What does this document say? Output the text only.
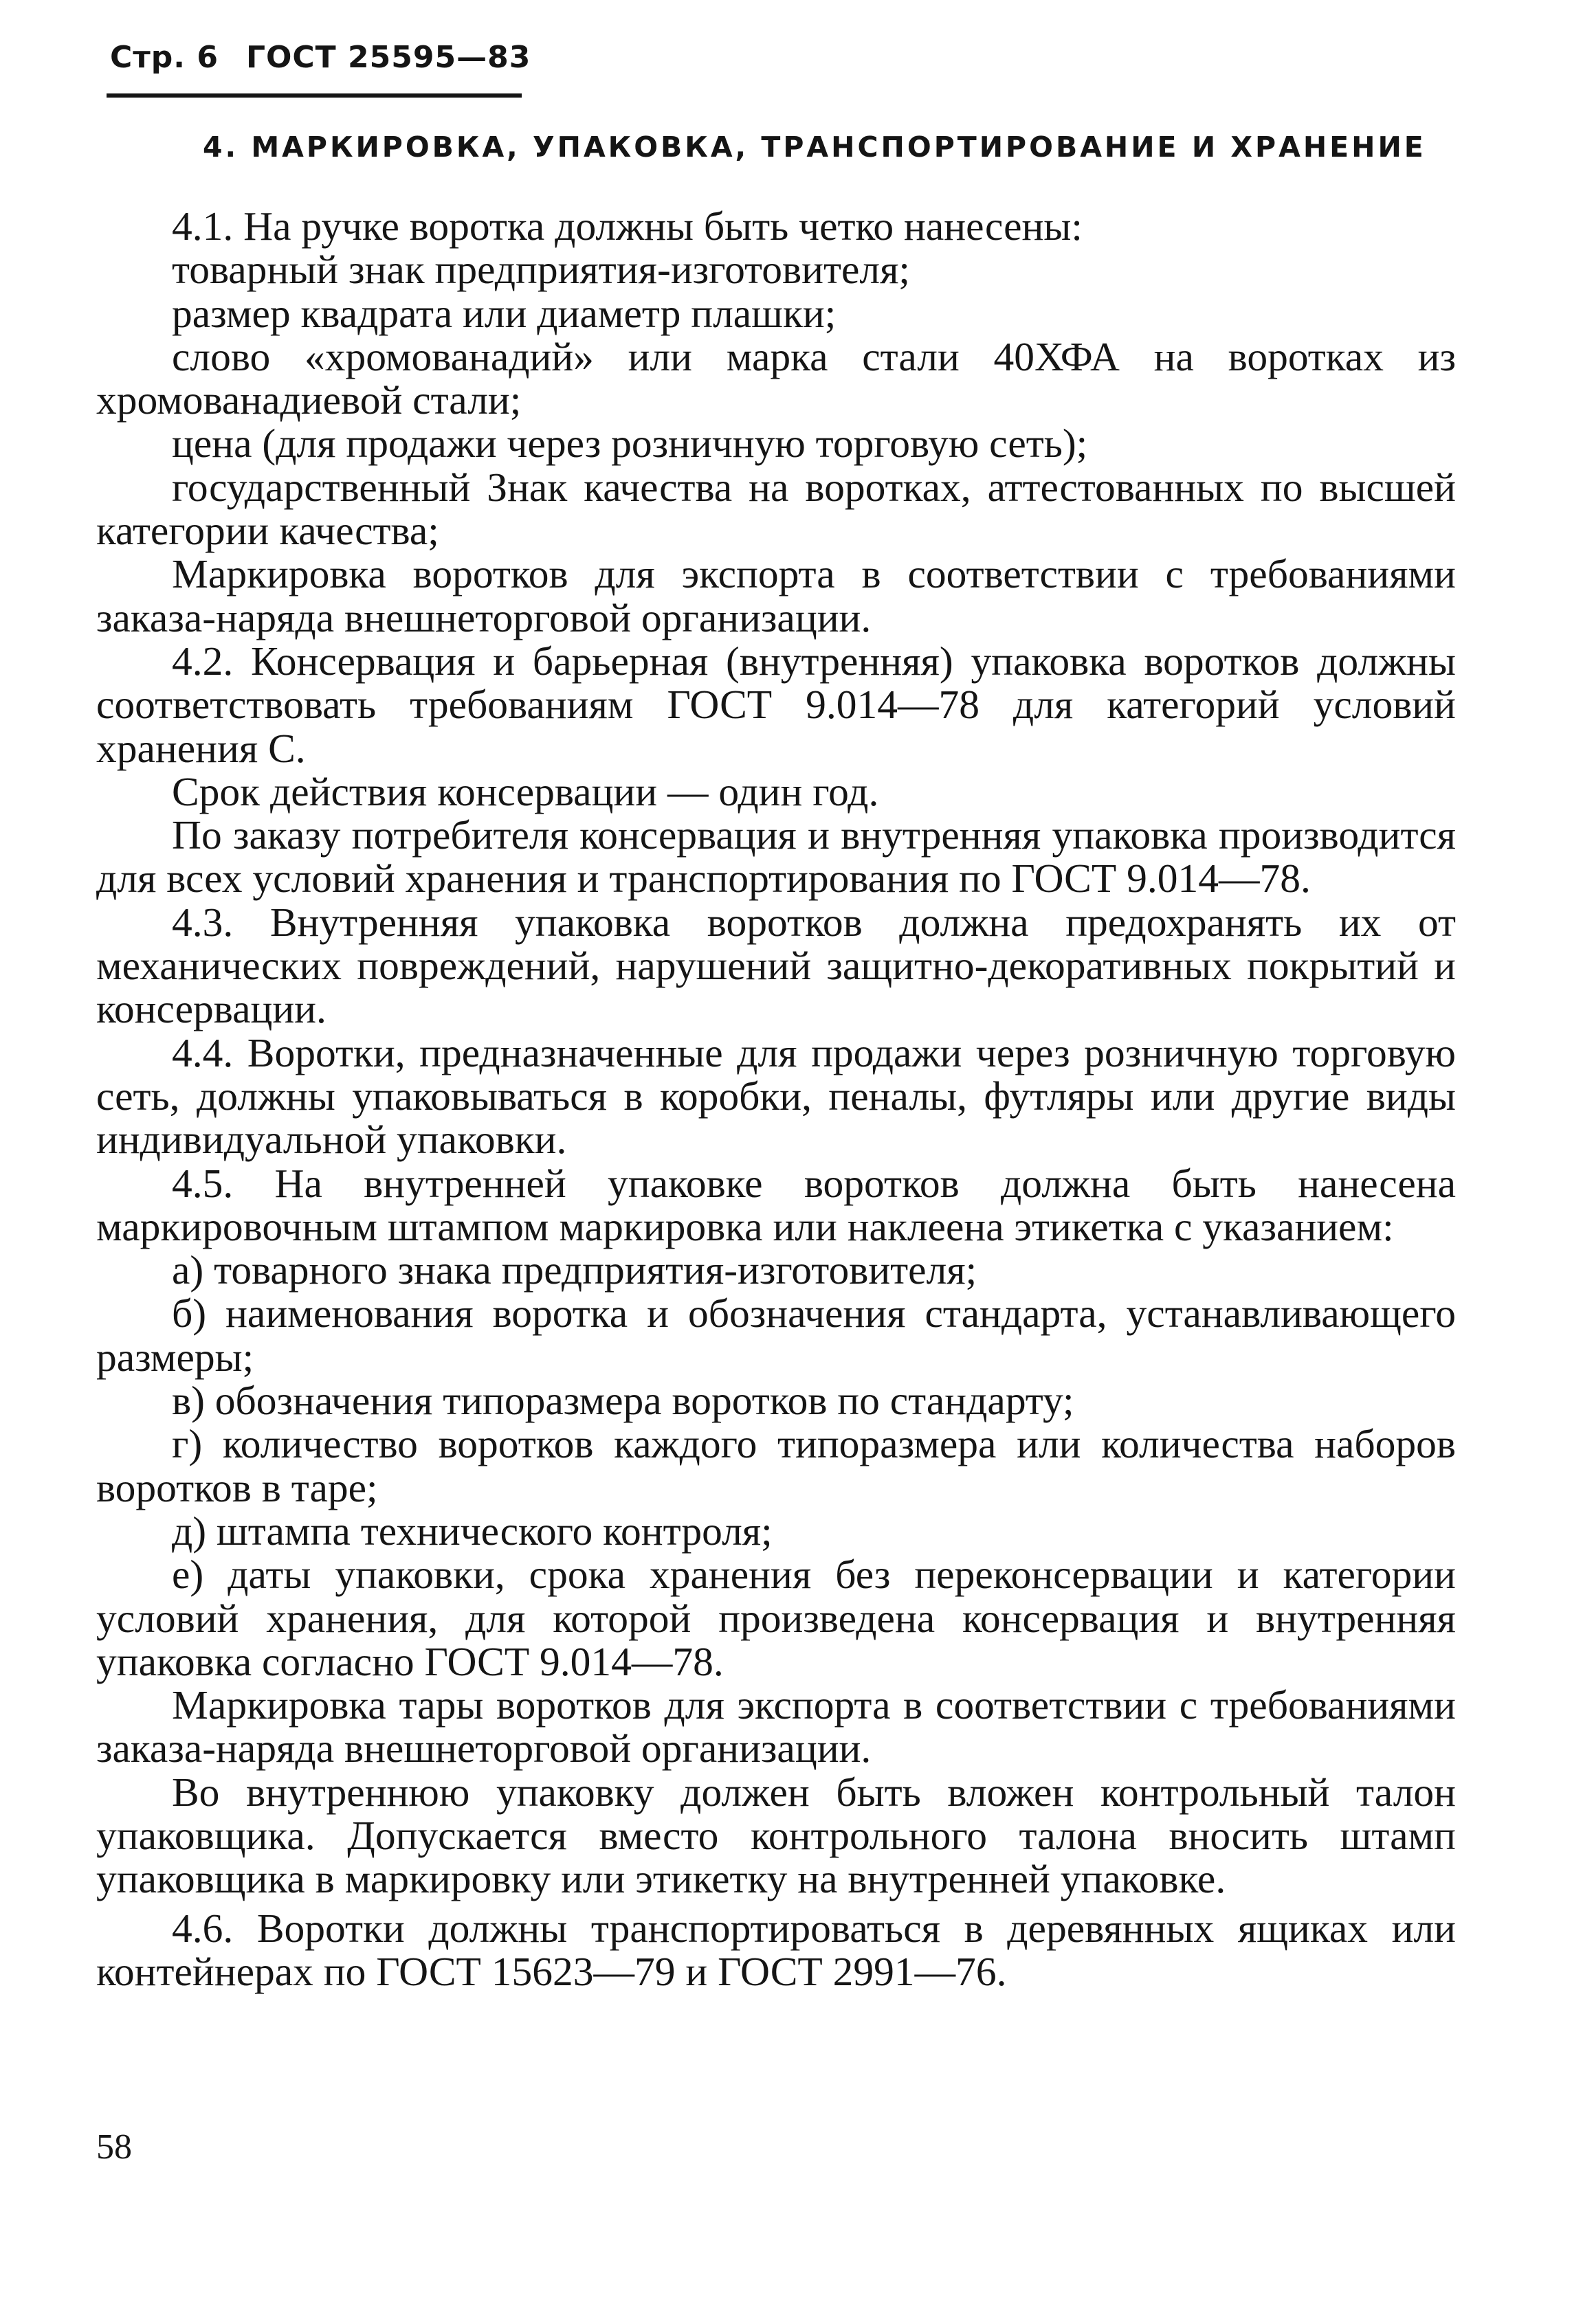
Стр. 6 ГОСТ 25595—83
4. МАРКИРОВКА, УПАКОВКА, ТРАНСПОРТИРОВАНИЕ И ХРАНЕНИЕ

4.1. На ручке воротка должны быть четко нанесены:

товарный знак предприятия-изготовителя;

размер квадрата или диаметр плашки;

слово «хромованадий» или марка стали 40ХФА на воротках из хромованадиевой стали;

цена (для продажи через розничную торговую сеть);

государственный Знак качества на воротках, аттестованных по высшей категории качества;

Маркировка воротков для экспорта в соответствии с требованиями заказа-наряда внешнеторговой организации.

4.2. Консервация и барьерная (внутренняя) упаковка воротков должны соответствовать требованиям ГОСТ 9.014—78 для категорий условий хранения С.

Срок действия консервации — один год.

По заказу потребителя консервация и внутренняя упаковка производится для всех условий хранения и транспортирования по ГОСТ 9.014—78.

4.3. Внутренняя упаковка воротков должна предохранять их от механических повреждений, нарушений защитно-декоративных покрытий и консервации.

4.4. Воротки, предназначенные для продажи через розничную торговую сеть, должны упаковываться в коробки, пеналы, футляры или другие виды индивидуальной упаковки.

4.5. На внутренней упаковке воротков должна быть нанесена маркировочным штампом маркировка или наклеена этикетка с указанием:

а) товарного знака предприятия-изготовителя;

б) наименования воротка и обозначения стандарта, устанавливающего размеры;

в) обозначения типоразмера воротков по стандарту;

г) количество воротков каждого типоразмера или количества наборов воротков в таре;

д) штампа технического контроля;

е) даты упаковки, срока хранения без переконсервации и категории условий хранения, для которой произведена консервация и внутренняя упаковка согласно ГОСТ 9.014—78.

Маркировка тары воротков для экспорта в соответствии с требованиями заказа-наряда внешнеторговой организации.

Во внутреннюю упаковку должен быть вложен контрольный талон упаковщика. Допускается вместо контрольного талона вносить штамп упаковщика в маркировку или этикетку на внутренней упаковке.

4.6. Воротки должны транспортироваться в деревянных ящиках или контейнерах по ГОСТ 15623—79 и ГОСТ 2991—76.

58
